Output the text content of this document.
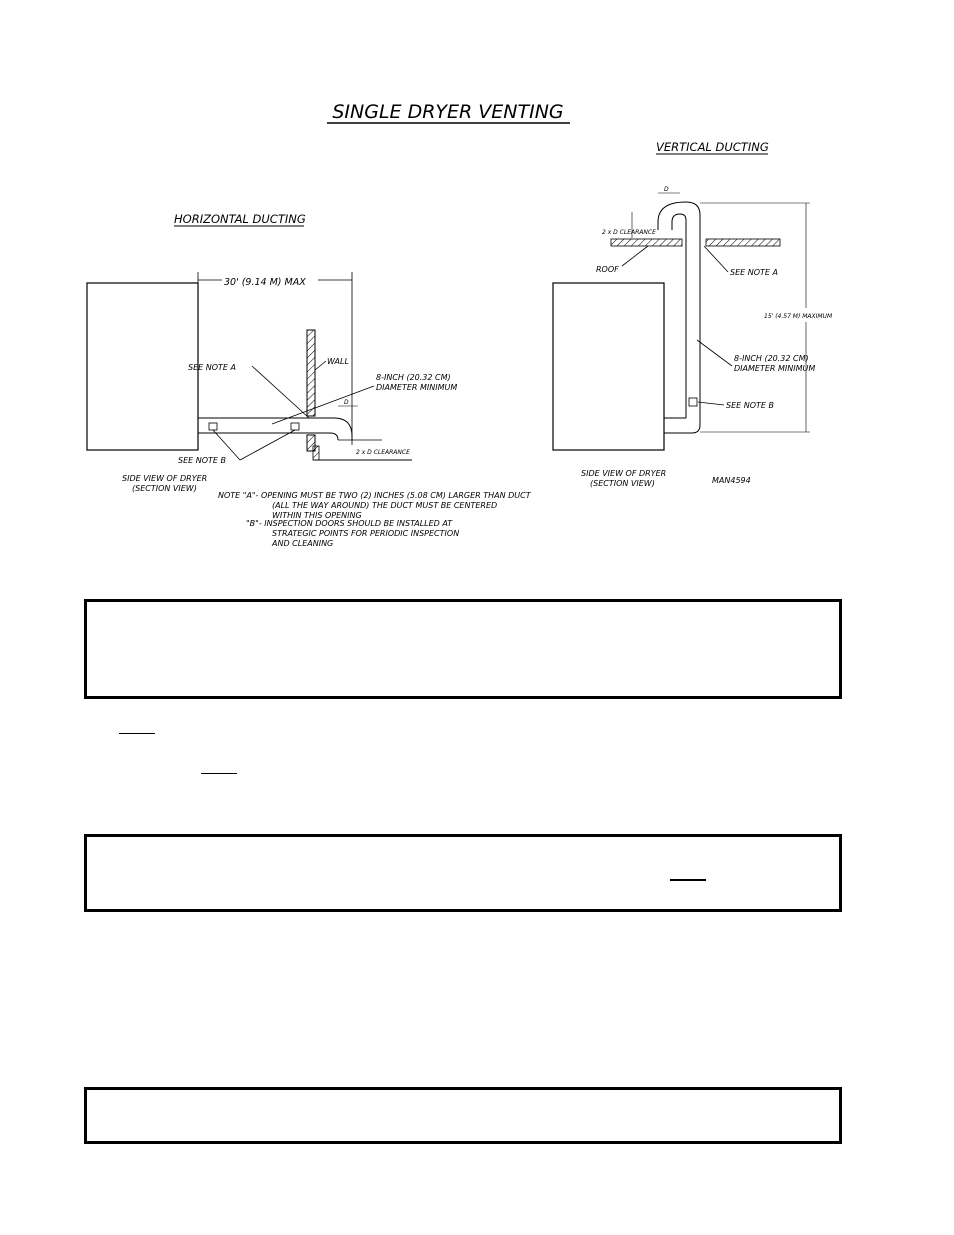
SINGLE DRYER VENTING
HORIZONTAL DUCTING
30' (9.14 M) MAX
WALL
D
2 x D CLEARANCE
SEE NOTE A
8-INCH (20.32 CM)
DIAMETER MINIMUM
SEE NOTE B
SIDE VIEW OF DRYER
(SECTION VIEW)
VERTICAL DUCTING
D
2 x D CLEARANCE
ROOF	SEE NOTE A
15' (4.57 M) MAXIMUM
8-INCH (20.32 CM)
DIAMETER MINIMUM
SEE NOTE B
SIDE VIEW OF DRYER
(SECTION VIEW)	MAN4594
NOTE "A"- OPENING MUST BE TWO (2) INCHES (5.08 CM) LARGER THAN DUCT
(ALL THE WAY AROUND) THE DUCT MUST BE CENTERED
WITHIN THIS OPENING
"B"- INSPECTION DOORS SHOULD BE INSTALLED AT
STRATEGIC POINTS FOR PERIODIC INSPECTION
AND CLEANING
